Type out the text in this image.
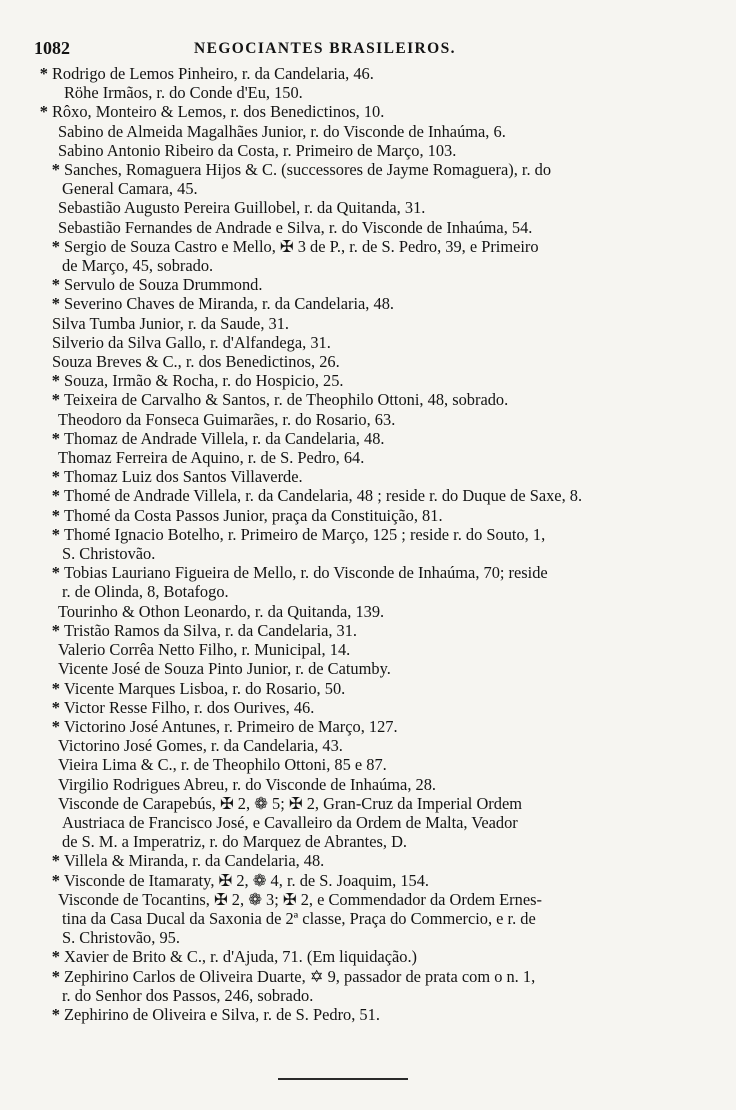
1082	NEGOCIANTES BRASILEIROS.
* Rodrigo de Lemos Pinheiro, r. da Candelaria, 46.
Röhe Irmãos, r. do Conde d'Eu, 150.
* Rôxo, Monteiro & Lemos, r. dos Benedictinos, 10.
Sabino de Almeida Magalhães Junior, r. do Visconde de Inhaúma, 6.
Sabino Antonio Ribeiro da Costa, r. Primeiro de Março, 103.
* Sanches, Romaguera Hijos & C. (successores de Jayme Romaguera), r. do
General Camara, 45.
Sebastião Augusto Pereira Guillobel, r. da Quitanda, 31.
Sebastião Fernandes de Andrade e Silva, r. do Visconde de Inhaúma, 54.
* Sergio de Souza Castro e Mello, ✠ 3 de P., r. de S. Pedro, 39, e Primeiro
de Março, 45, sobrado.
* Servulo de Souza Drummond.
* Severino Chaves de Miranda, r. da Candelaria, 48.
Silva Tumba Junior, r. da Saude, 31.
Silverio da Silva Gallo, r. d'Alfandega, 31.
Souza Breves & C., r. dos Benedictinos, 26.
* Souza, Irmão & Rocha, r. do Hospicio, 25.
* Teixeira de Carvalho & Santos, r. de Theophilo Ottoni, 48, sobrado.
Theodoro da Fonseca Guimarães, r. do Rosario, 63.
* Thomaz de Andrade Villela, r. da Candelaria, 48.
Thomaz Ferreira de Aquino, r. de S. Pedro, 64.
* Thomaz Luiz dos Santos Villaverde.
* Thomé de Andrade Villela, r. da Candelaria, 48 ; reside r. do Duque de Saxe, 8.
* Thomé da Costa Passos Junior, praça da Constituição, 81.
* Thomé Ignacio Botelho, r. Primeiro de Março, 125 ; reside r. do Souto, 1,
S. Christovão.
* Tobias Lauriano Figueira de Mello, r. do Visconde de Inhaúma, 70; reside
r. de Olinda, 8, Botafogo.
Tourinho & Othon Leonardo, r. da Quitanda, 139.
* Tristão Ramos da Silva, r. da Candelaria, 31.
Valerio Corrêa Netto Filho, r. Municipal, 14.
Vicente José de Souza Pinto Junior, r. de Catumby.
* Vicente Marques Lisboa, r. do Rosario, 50.
* Victor Resse Filho, r. dos Ourives, 46.
* Victorino José Antunes, r. Primeiro de Março, 127.
Victorino José Gomes, r. da Candelaria, 43.
Vieira Lima & C., r. de Theophilo Ottoni, 85 e 87.
Virgilio Rodrigues Abreu, r. do Visconde de Inhaúma, 28.
Visconde de Carapebús, ✠ 2, ❁ 5; ✠ 2, Gran-Cruz da Imperial Ordem
Austriaca de Francisco José, e Cavalleiro da Ordem de Malta, Veador
de S. M. a Imperatriz, r. do Marquez de Abrantes, D.
* Villela & Miranda, r. da Candelaria, 48.
* Visconde de Itamaraty, ✠ 2, ❁ 4, r. de S. Joaquim, 154.
Visconde de Tocantins, ✠ 2, ❁ 3; ✠ 2, e Commendador da Ordem Ernes-
tina da Casa Ducal da Saxonia de 2ª classe, Praça do Commercio, e r. de
S. Christovão, 95.
* Xavier de Brito & C., r. d'Ajuda, 71. (Em liquidação.)
* Zephirino Carlos de Oliveira Duarte, ✡ 9, passador de prata com o n. 1,
r. do Senhor dos Passos, 246, sobrado.
* Zephirino de Oliveira e Silva, r. de S. Pedro, 51.
